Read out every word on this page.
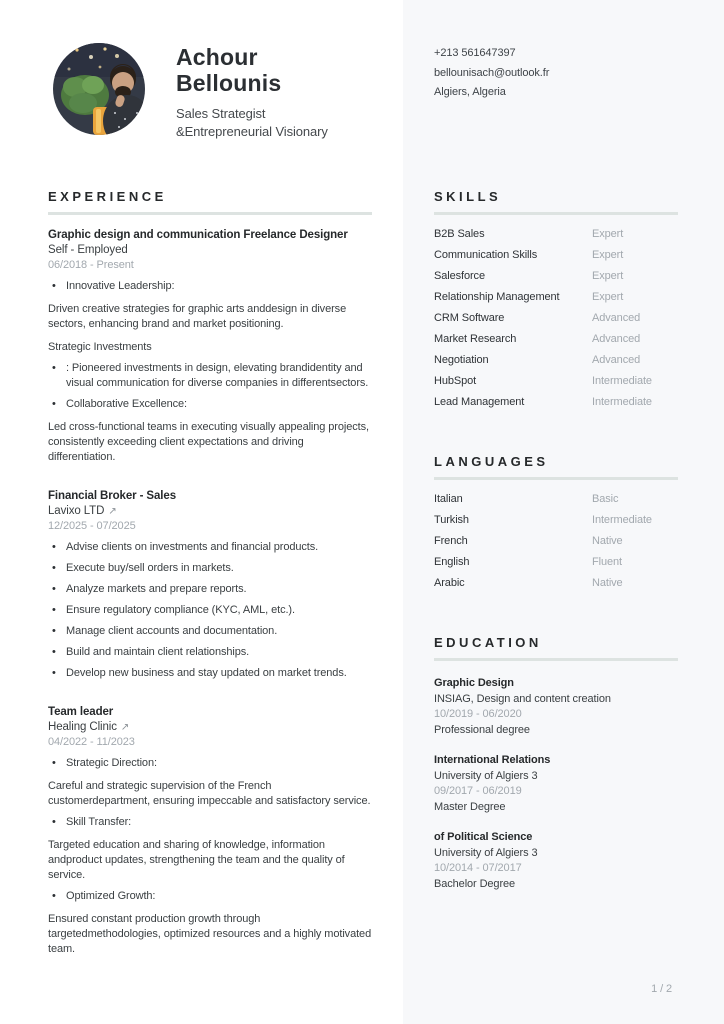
Achour
Bellounis
Sales Strategist
&Entrepreneurial Visionary
+213 561647397
bellounisach@outlook.fr
Algiers, Algeria
EXPERIENCE
Graphic design and communication Freelance Designer
Self - Employed
06/2018 - Present
• Innovative Leadership:
Driven creative strategies for graphic arts anddesign in diverse sectors, enhancing brand and market positioning.
Strategic Investments
• : Pioneered investments in design, elevating brandidentity and visual communication for diverse companies in differentsectors.
• Collaborative Excellence:
Led cross-functional teams in executing visually appealing projects, consistently exceeding client expectations and driving differentiation.
Financial Broker - Sales
Lavixo LTD ↗
12/2025 - 07/2025
• Advise clients on investments and financial products.
• Execute buy/sell orders in markets.
• Analyze markets and prepare reports.
• Ensure regulatory compliance (KYC, AML, etc.).
• Manage client accounts and documentation.
• Build and maintain client relationships.
• Develop new business and stay updated on market trends.
Team leader
Healing Clinic ↗
04/2022 - 11/2023
• Strategic Direction:
Careful and strategic supervision of the French customerdepartment, ensuring impeccable and satisfactory service.
• Skill Transfer:
Targeted education and sharing of knowledge, information andproduct updates, strengthening the team and the quality of service.
• Optimized Growth:
Ensured constant production growth through targetedmethodologies, optimized resources and a highly motivated team.
SKILLS
B2B Sales	Expert
Communication Skills	Expert
Salesforce	Expert
Relationship Management	Expert
CRM Software	Advanced
Market Research	Advanced
Negotiation	Advanced
HubSpot	Intermediate
Lead Management	Intermediate
LANGUAGES
Italian	Basic
Turkish	Intermediate
French	Native
English	Fluent
Arabic	Native
EDUCATION
Graphic Design
INSIAG, Design and content creation
10/2019 - 06/2020
Professional degree
International Relations
University of Algiers 3
09/2017 - 06/2019
Master Degree
of Political Science
University of Algiers 3
10/2014 - 07/2017
Bachelor Degree
1 / 2
